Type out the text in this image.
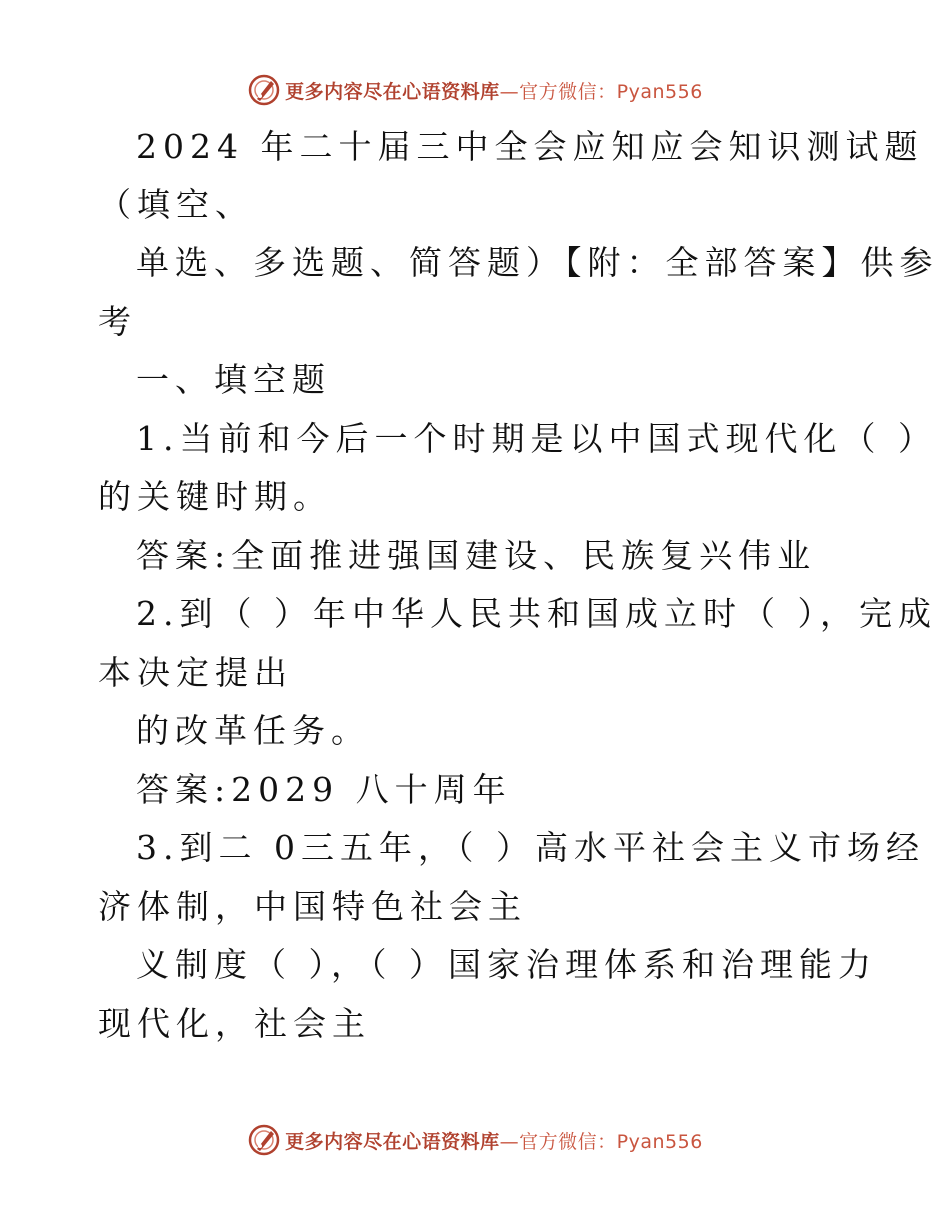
更多内容尽在心语资料库—官方微信：Pyan556
2024 年二十届三中全会应知应会知识测试题
（填空、
单选、多选题、简答题）【附：全部答案】供参
考
一、填空题
1.当前和今后一个时期是以中国式现代化（ ）
的关键时期。
答案:全面推进强国建设、民族复兴伟业
2.到（ ）年中华人民共和国成立时（ ），完成
本决定提出
的改革任务。
答案:2029 八十周年
3.到二 0三五年，（ ）高水平社会主义市场经
济体制，中国特色社会主
义制度（ ），（ ）国家治理体系和治理能力
现代化，社会主
更多内容尽在心语资料库—官方微信：Pyan556
